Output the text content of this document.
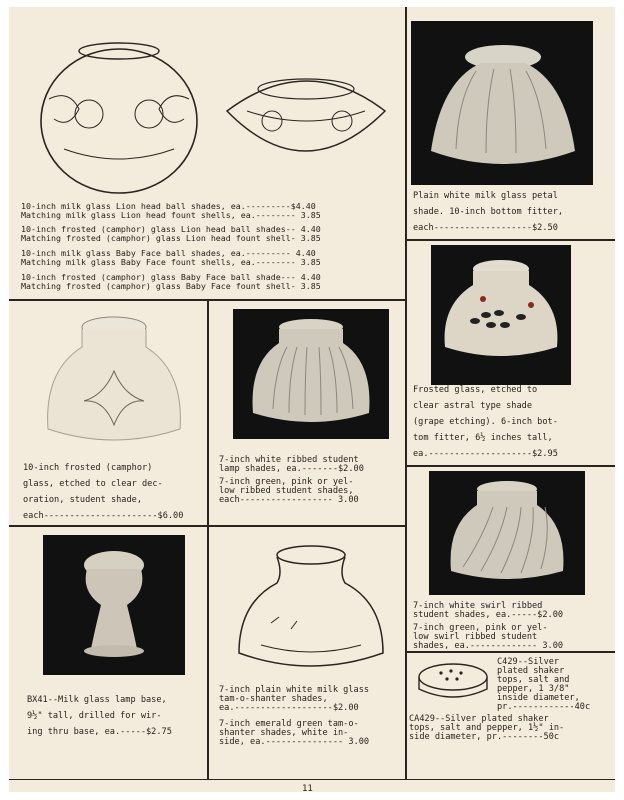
10-inch milk glass Lion head ball shades, ea.---------$4.40
Matching milk glass Lion head fount shells, ea.-------- 3.85
10-inch frosted (camphor) glass Lion head ball shades-- 4.40
Matching frosted (camphor) glass Lion head fount shell- 3.85
10-inch milk glass Baby Face ball shades, ea.--------- 4.40
Matching milk glass Baby Face fount shells, ea.-------- 3.85
10-inch frosted (camphor) glass Baby Face ball shade--- 4.40
Matching frosted (camphor) glass Baby Face fount shell- 3.85
Plain white milk glass petal
shade. 10-inch bottom fitter,
each-------------------$2.50
Frosted glass, etched to
clear astral type shade
(grape etching). 6-inch bot-
tom fitter, 6½ inches tall,
ea.--------------------$2.95
10-inch frosted (camphor)
glass, etched to clear dec-
oration, student shade,
each----------------------$6.00
7-inch white ribbed student
lamp shades, ea.-------$2.00
7-inch green, pink or yel-
low ribbed student shades,
each------------------ 3.00
7-inch white swirl ribbed
student shades, ea.-----$2.00
7-inch green, pink or yel-
low swirl ribbed student
shades, ea.------------- 3.00
BX41--Milk glass lamp base,
9½" tall, drilled for wir-
ing thru base, ea.-----$2.75
7-inch plain white milk glass
tam-o-shanter shades,
ea.-------------------$2.00
7-inch emerald green tam-o-
shanter shades, white in-
side, ea.--------------- 3.00
C429--Silver
plated shaker
tops, salt and
pepper, 1 3/8"
inside diameter,
pr.------------40c
CA429--Silver plated shaker
tops, salt and pepper, 1½" in-
side diameter, pr.--------50c
11
